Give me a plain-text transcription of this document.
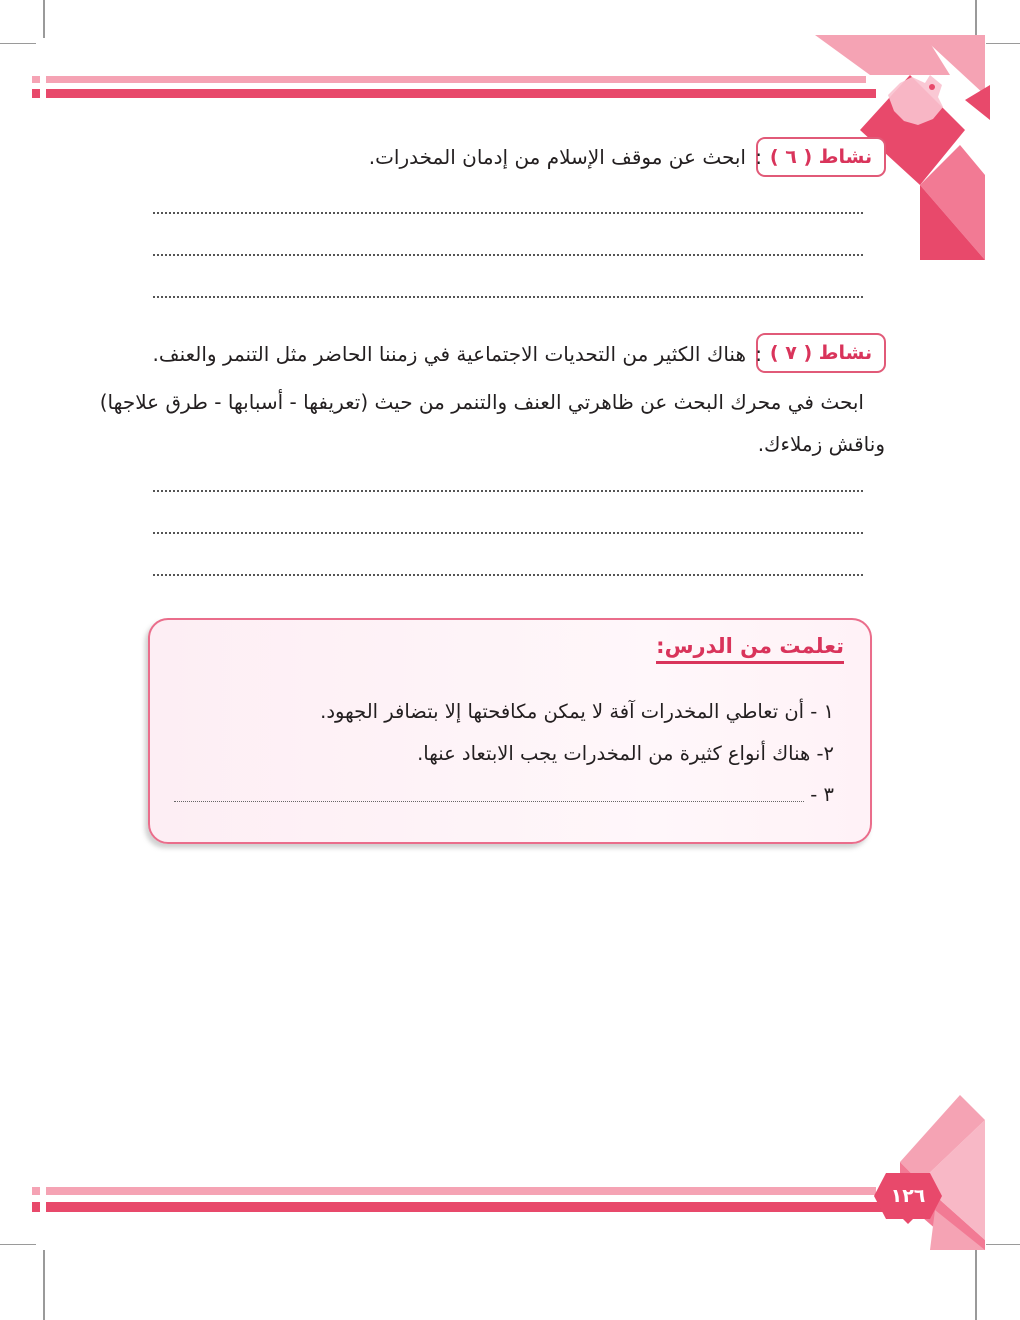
نشاط ( ٦ )
:
ابحث عن موقف الإسلام من إدمان المخدرات.
نشاط ( ٧ )
:
هناك الكثير من التحديات الاجتماعية في زمننا الحاضر مثل التنمر والعنف.
ابحث في محرك البحث عن ظاهرتي العنف والتنمر من حيث (تعريفها - أسبابها - طرق علاجها)
وناقش زملاءك.
تعلمت من الدرس:
١ - أن تعاطي المخدرات آفة لا يمكن مكافحتها إلا بتضافر الجهود.
٢- هناك أنواع كثيرة من المخدرات يجب الابتعاد عنها.
٣ -
١٢٦
